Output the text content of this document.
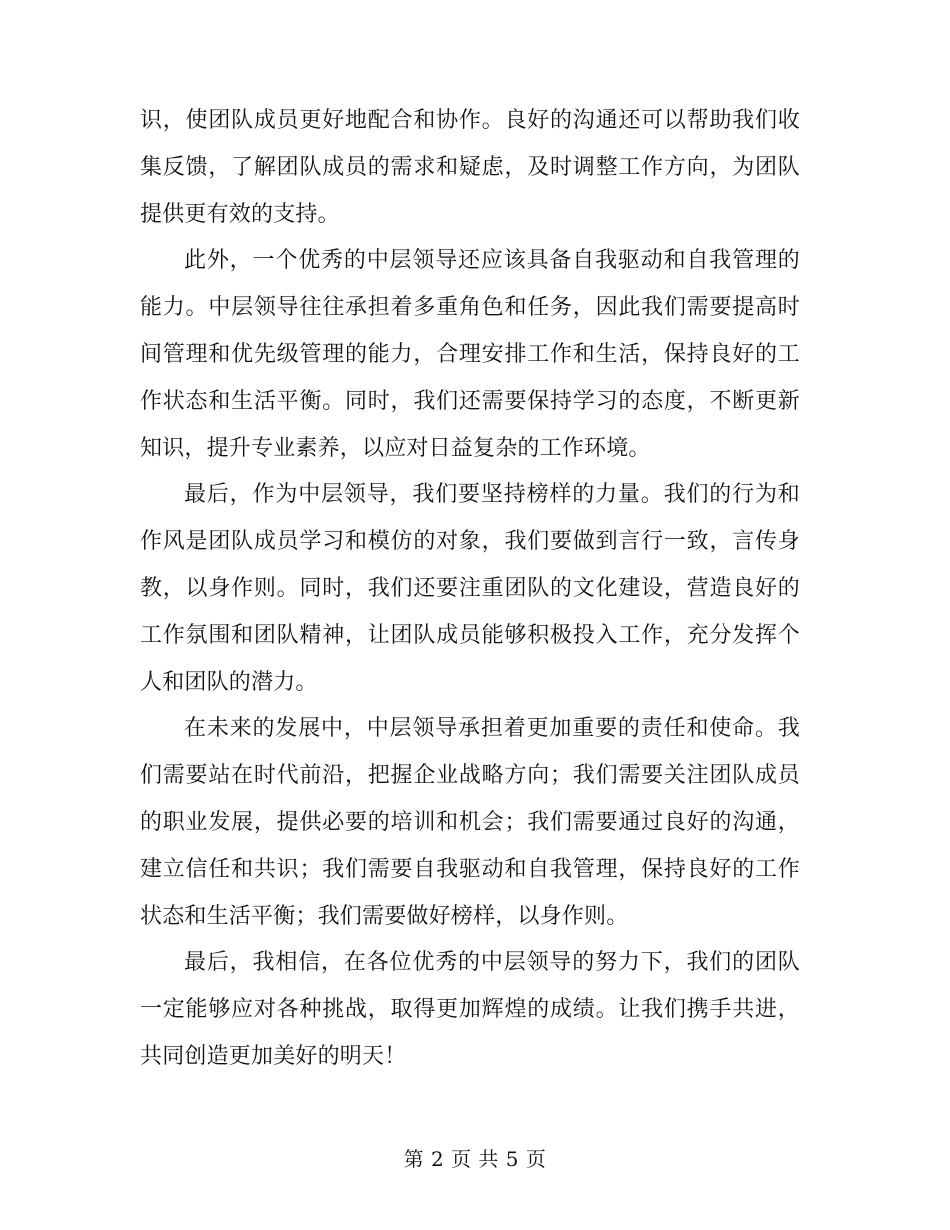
识，使团队成员更好地配合和协作。良好的沟通还可以帮助我们收集反馈，了解团队成员的需求和疑虑，及时调整工作方向，为团队提供更有效的支持。

此外，一个优秀的中层领导还应该具备自我驱动和自我管理的能力。中层领导往往承担着多重角色和任务，因此我们需要提高时间管理和优先级管理的能力，合理安排工作和生活，保持良好的工作状态和生活平衡。同时，我们还需要保持学习的态度，不断更新知识，提升专业素养，以应对日益复杂的工作环境。

最后，作为中层领导，我们要坚持榜样的力量。我们的行为和作风是团队成员学习和模仿的对象，我们要做到言行一致，言传身教，以身作则。同时，我们还要注重团队的文化建设，营造良好的工作氛围和团队精神，让团队成员能够积极投入工作，充分发挥个人和团队的潜力。

在未来的发展中，中层领导承担着更加重要的责任和使命。我们需要站在时代前沿，把握企业战略方向；我们需要关注团队成员的职业发展，提供必要的培训和机会；我们需要通过良好的沟通，建立信任和共识；我们需要自我驱动和自我管理，保持良好的工作状态和生活平衡；我们需要做好榜样，以身作则。

最后，我相信，在各位优秀的中层领导的努力下，我们的团队一定能够应对各种挑战，取得更加辉煌的成绩。让我们携手共进，共同创造更加美好的明天！

第 2 页 共 5 页
